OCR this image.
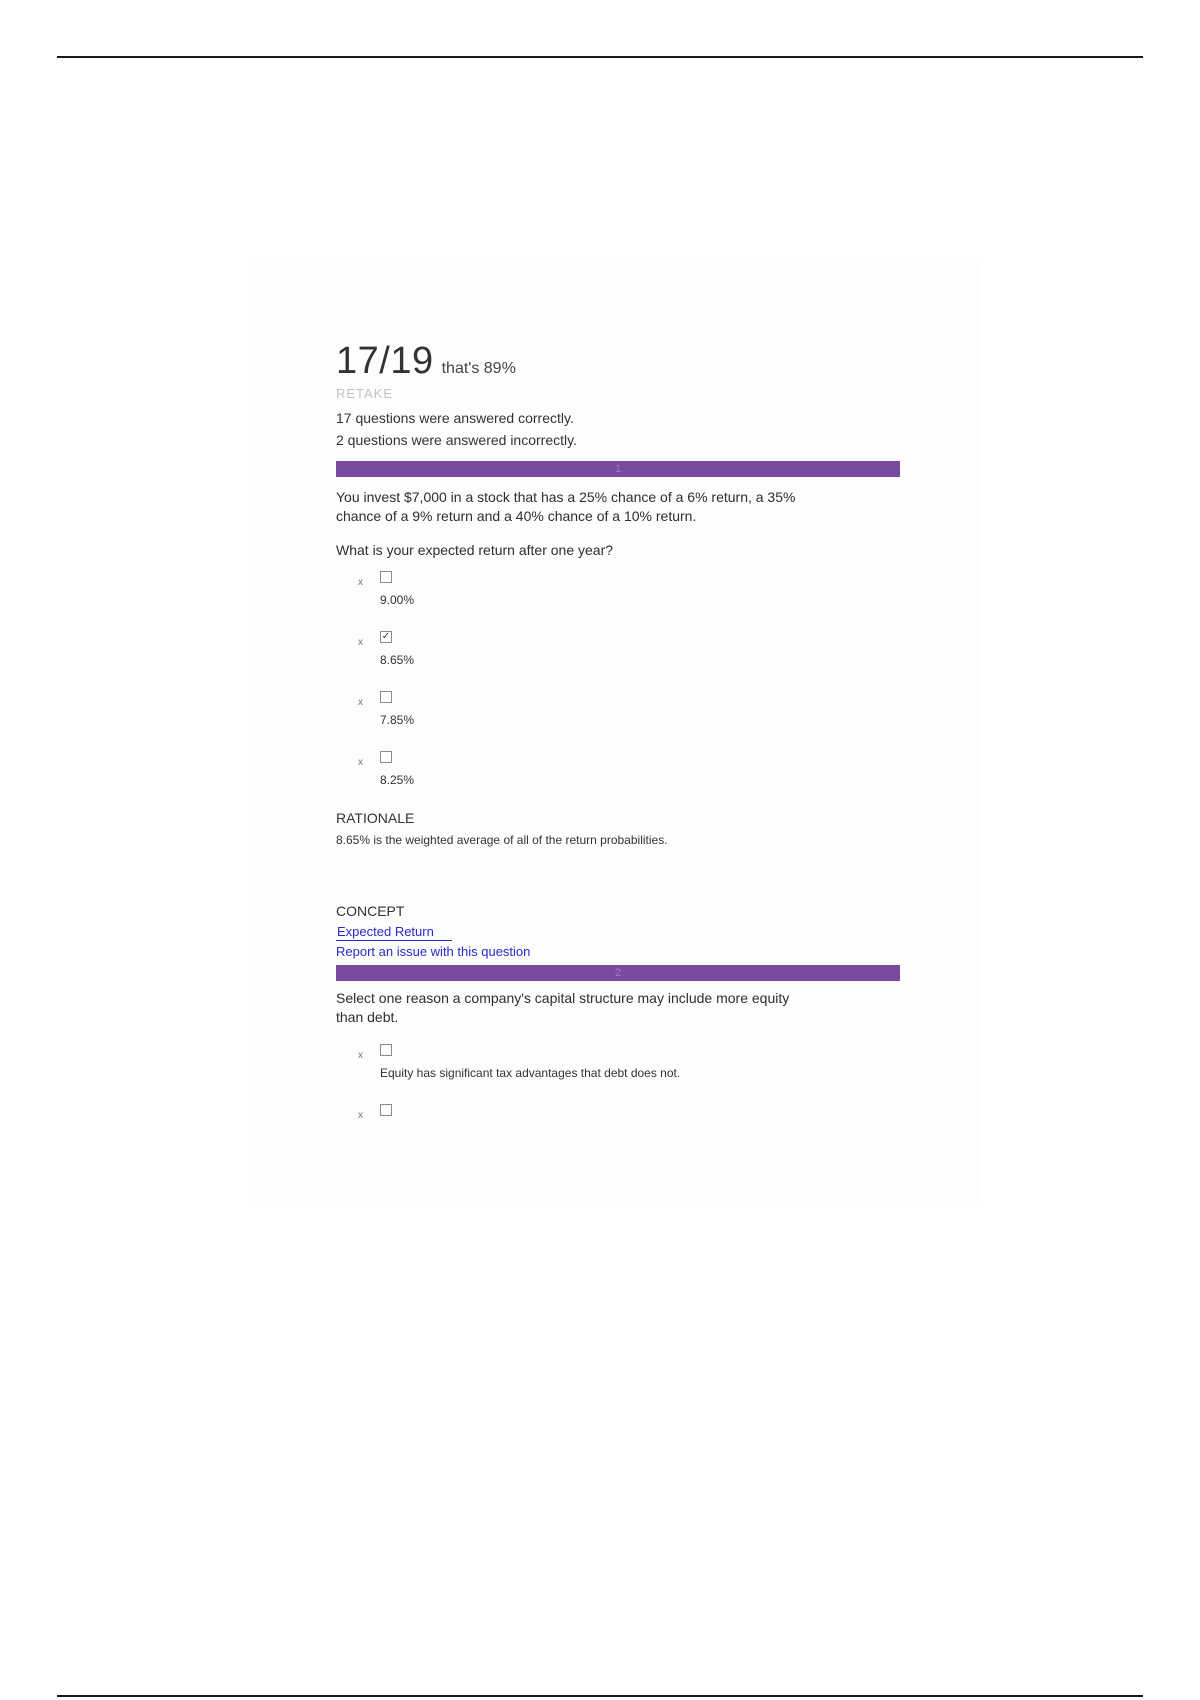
17/19 that's 89%
RETAKE
17 questions were answered correctly.
2 questions were answered incorrectly.
1
You invest $7,000 in a stock that has a 25% chance of a 6% return, a 35% chance of a 9% return and a 40% chance of a 10% return.
What is your expected return after one year?
x
9.00%
x
✓
8.65%
x
7.85%
x
8.25%
RATIONALE
8.65% is the weighted average of all of the return probabilities.
CONCEPT
Expected Return
Report an issue with this question
2
Select one reason a company's capital structure may include more equity than debt.
x
Equity has significant tax advantages that debt does not.
x
